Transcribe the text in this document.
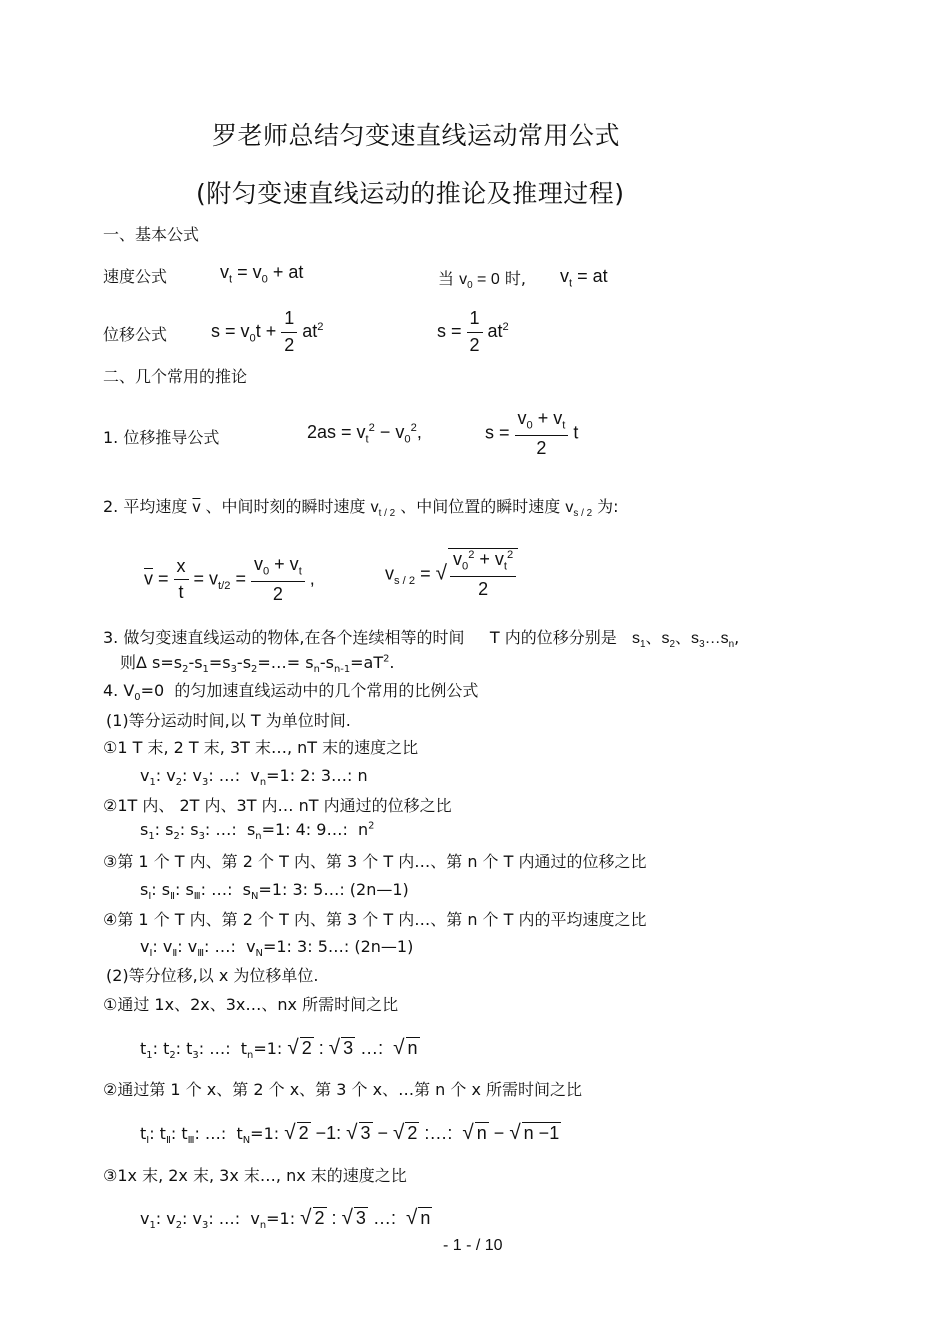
罗老师总结匀变速直线运动常用公式
(附匀变速直线运动的推论及推理过程)
一、基本公式
速度公式	$v_t = v_0$ + at	当 $v_0 = 0$ 时, $v_t$ = at
位移公式 $s = v_0t + \frac{1}{2} at^2$	$s = \frac{1}{2} at^2$
二、几个常用的推论
1. 位移推导公式	$2as = v_t^2 - v_0^2$,	$s = \frac{v_0 + v_t}{2}$ t
2. 平均速度 $\overline{v}$ 、中间时刻的瞬时速度 $v_{t / 2}$ 、中间位置的瞬时速度 $v_{s / 2}$ 为:
$\overline{v} = \frac{x}{t} = v_{t/2} = \frac{v_0 + v_t}{2}$ ,	$v_{s / 2}$ = √ $\frac{v_0^2 + v_t^2}{2}$
3. 做匀变速直线运动的物体,在各个连续相等的时间     T 内的位移分别是   $s_1$、$s_2$、$s_3\dots s_n$,
则Δ $s=s_2-s_1=s_3-s_2=\dots= s_n-s_{n-1}=aT^2$.
4. $V_0=0$  的匀加速直线运动中的几个常用的比例公式
(1)等分运动时间,以 T 为单位时间.
①1 T 末, 2 T 末, 3T 末…, nT 末的速度之比
$v_1$: $v_2$: $v_3$: …:  $v_n=1$: 2: 3…: n
②1T 内、 2T 内、3T 内… nT 内通过的位移之比
$s_1$: $s_2$: $s_3$: …:  $s_n=1$: 4: 9…:  $n^2$
③第 1 个 T 内、第 2 个 T 内、第 3 个 T 内…、第 n 个 T 内通过的位移之比
$s_Ⅰ$: $s_Ⅱ$: $s_Ⅲ$: …:  $s_N=1$: 3: 5…: (2n—1)
④第 1 个 T 内、第 2 个 T 内、第 3 个 T 内…、第 n 个 T 内的平均速度之比
$v_Ⅰ$: $v_Ⅱ$: $v_Ⅲ$: …:  $v_N=1$: 3: 5…: (2n—1)
(2)等分位移,以 x 为位移单位.
①通过 1x、2x、3x…、nx 所需时间之比
$t_1$: $t_2$: $t_3$: …:  $t_n=1$: √ 2 : √ 3 …:  √ n
②通过第 1 个 x、第 2 个 x、第 3 个 x、…第 n 个 x 所需时间之比
$t_Ⅰ$: $t_Ⅱ$: $t_Ⅲ$: …:  $t_N=1$: √ 2 −1: √ 3 − √ 2 :…:  √ n − √ n −1
③1x 末, 2x 末, 3x 末…, nx 末的速度之比
$v_1$: $v_2$: $v_3$: …:  $v_n=1$: √ 2 : √ 3 …:  √ n
- 1 - / 10
